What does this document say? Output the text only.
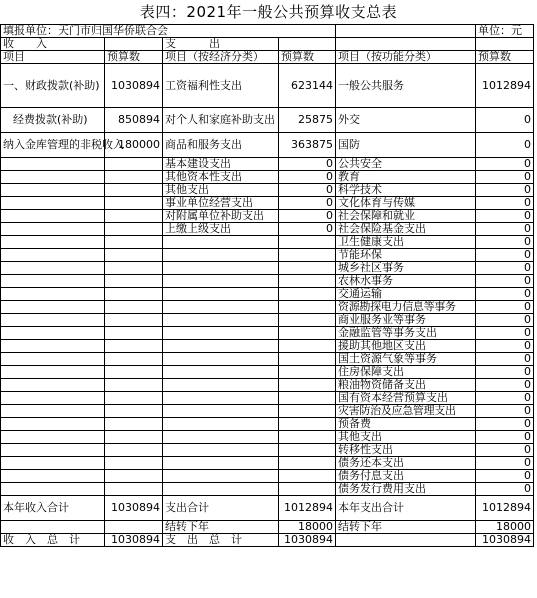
表四：2021年一般公共预算收支总表
填报单位：天门市归国华侨联合会					单位：元
收　　入		支　　　出			
项目	预算数	项目（按经济分类）	预算数	项目（按功能分类）	预算数
一、财政拨款(补助)	1030894	工资福利性支出	623144	一般公共服务	1012894
经费拨款(补助)	850894	对个人和家庭补助支出	25875	外交	0
纳入金库管理的非税收入	180000	商品和服务支出	363875	国防	0
		基本建设支出	0	公共安全	0
		其他资本性支出	0	教育	0
		其他支出	0	科学技术	0
		事业单位经营支出	0	文化体育与传媒	0
		对附属单位补助支出	0	社会保障和就业	0
		上缴上级支出	0	社会保险基金支出	0
				卫生健康支出	0
				节能环保	0
				城乡社区事务	0
				农林水事务	0
				交通运输	0
				资源勘探电力信息等事务	0
				商业服务业等事务	0
				金融监管等事务支出	0
				援助其他地区支出	0
				国土资源气象等事务	0
				住房保障支出	0
				粮油物资储备支出	0
				国有资本经营预算支出	0
				灾害防治及应急管理支出	0
				预备费	0
				其他支出	0
				转移性支出	0
				债务还本支出	0
				债务付息支出	0
				债务发行费用支出	0
本年收入合计	1030894	支出合计	1012894	本年支出合计	1012894
		结转下年	18000	结转下年	18000
收　入　总　计	1030894	支　出　总　计	1030894		1030894
